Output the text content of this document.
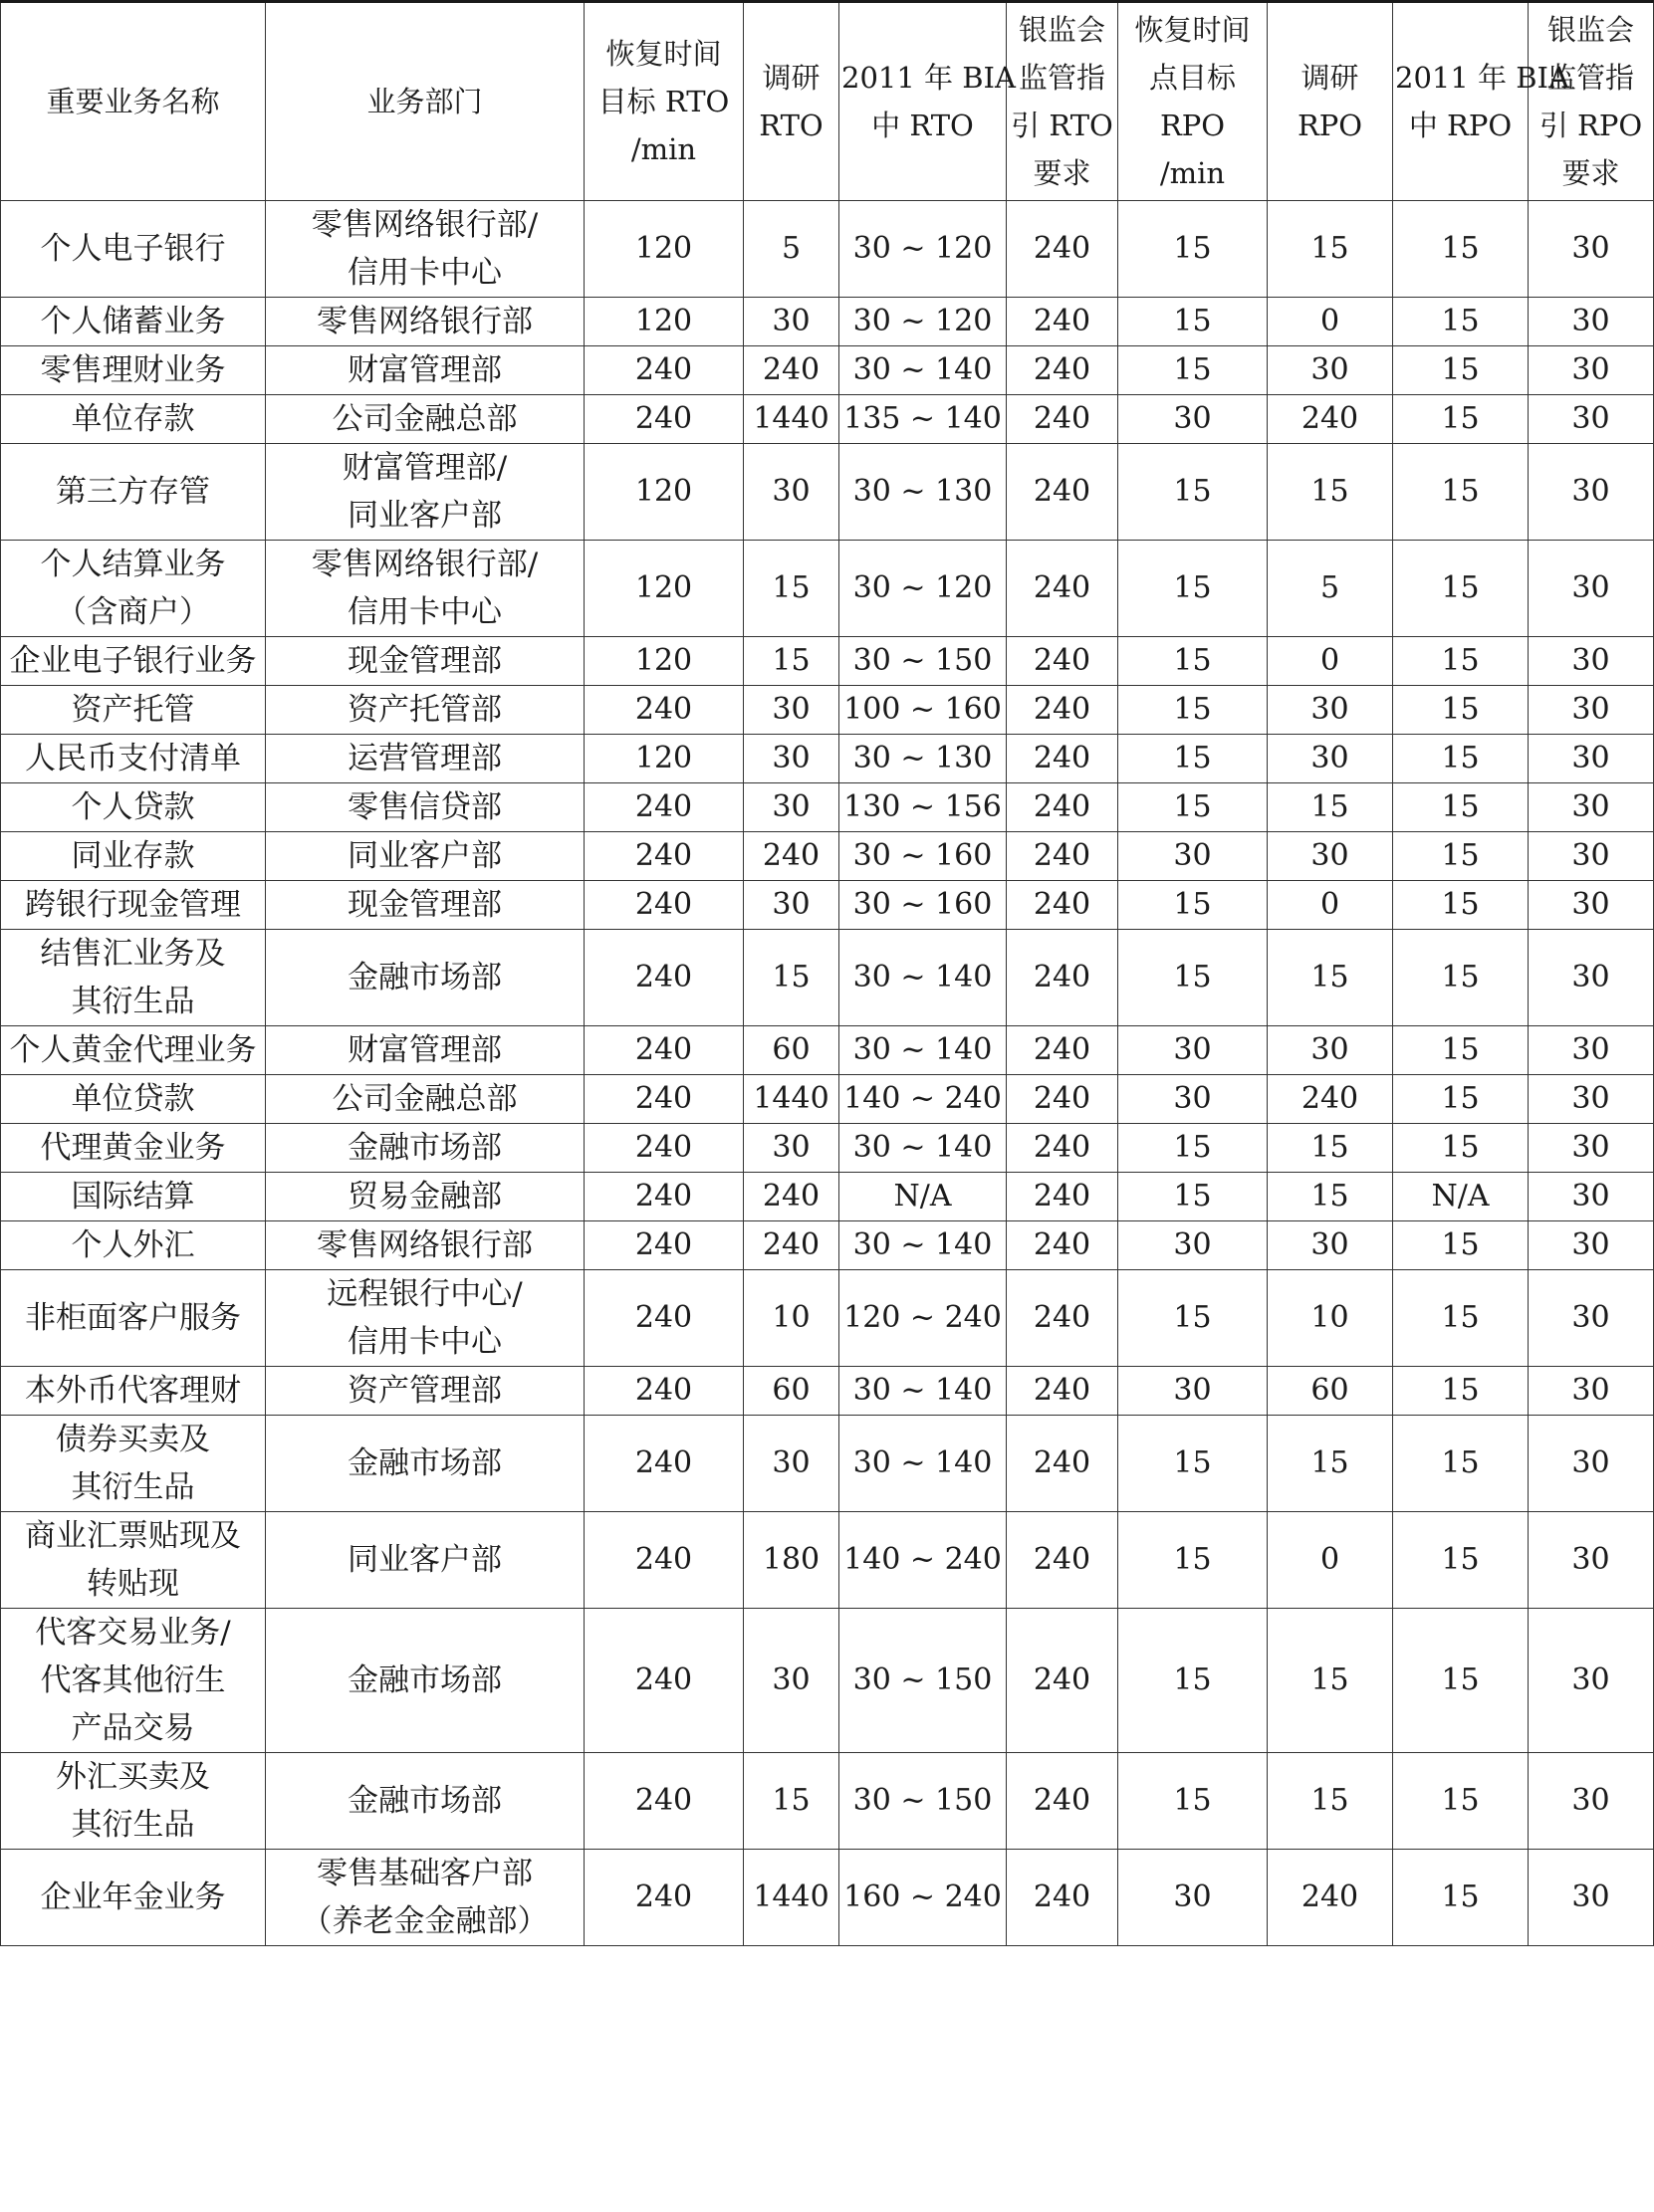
重要业务名称	业务部门	恢复时间
目标 RTO
/min	调研
RTO	2011 年 BIA
中 RTO	银监会
监管指
引 RTO
要求	恢复时间
点目标
RPO
/min	调研
RPO	2011 年 BIA
中 RPO	银监会
监管指
引 RPO
要求

个人电子银行	零售网络银行部/
信用卡中心	120	5	30 ~ 120	240	15	15	15	30

个人储蓄业务	零售网络银行部	120	30	30 ~ 120	240	15	0	15	30

零售理财业务	财富管理部	240	240	30 ~ 140	240	15	30	15	30

单位存款	公司金融总部	240	1440	135 ~ 140	240	30	240	15	30

第三方存管	财富管理部/
同业客户部	120	30	30 ~ 130	240	15	15	15	30

个人结算业务
（含商户）	零售网络银行部/
信用卡中心	120	15	30 ~ 120	240	15	5	15	30

企业电子银行业务	现金管理部	120	15	30 ~ 150	240	15	0	15	30

资产托管	资产托管部	240	30	100 ~ 160	240	15	30	15	30

人民币支付清单	运营管理部	120	30	30 ~ 130	240	15	30	15	30

个人贷款	零售信贷部	240	30	130 ~ 156	240	15	15	15	30

同业存款	同业客户部	240	240	30 ~ 160	240	30	30	15	30

跨银行现金管理	现金管理部	240	30	30 ~ 160	240	15	0	15	30

结售汇业务及
其衍生品	金融市场部	240	15	30 ~ 140	240	15	15	15	30

个人黄金代理业务	财富管理部	240	60	30 ~ 140	240	30	30	15	30

单位贷款	公司金融总部	240	1440	140 ~ 240	240	30	240	15	30

代理黄金业务	金融市场部	240	30	30 ~ 140	240	15	15	15	30

国际结算	贸易金融部	240	240	N/A	240	15	15	N/A	30

个人外汇	零售网络银行部	240	240	30 ~ 140	240	30	30	15	30

非柜面客户服务	远程银行中心/
信用卡中心	240	10	120 ~ 240	240	15	10	15	30

本外币代客理财	资产管理部	240	60	30 ~ 140	240	30	60	15	30

债券买卖及
其衍生品	金融市场部	240	30	30 ~ 140	240	15	15	15	30

商业汇票贴现及
转贴现	同业客户部	240	180	140 ~ 240	240	15	0	15	30

代客交易业务/
代客其他衍生
产品交易	金融市场部	240	30	30 ~ 150	240	15	15	15	30

外汇买卖及
其衍生品	金融市场部	240	15	30 ~ 150	240	15	15	15	30

企业年金业务	零售基础客户部
（养老金金融部）	240	1440	160 ~ 240	240	30	240	15	30
